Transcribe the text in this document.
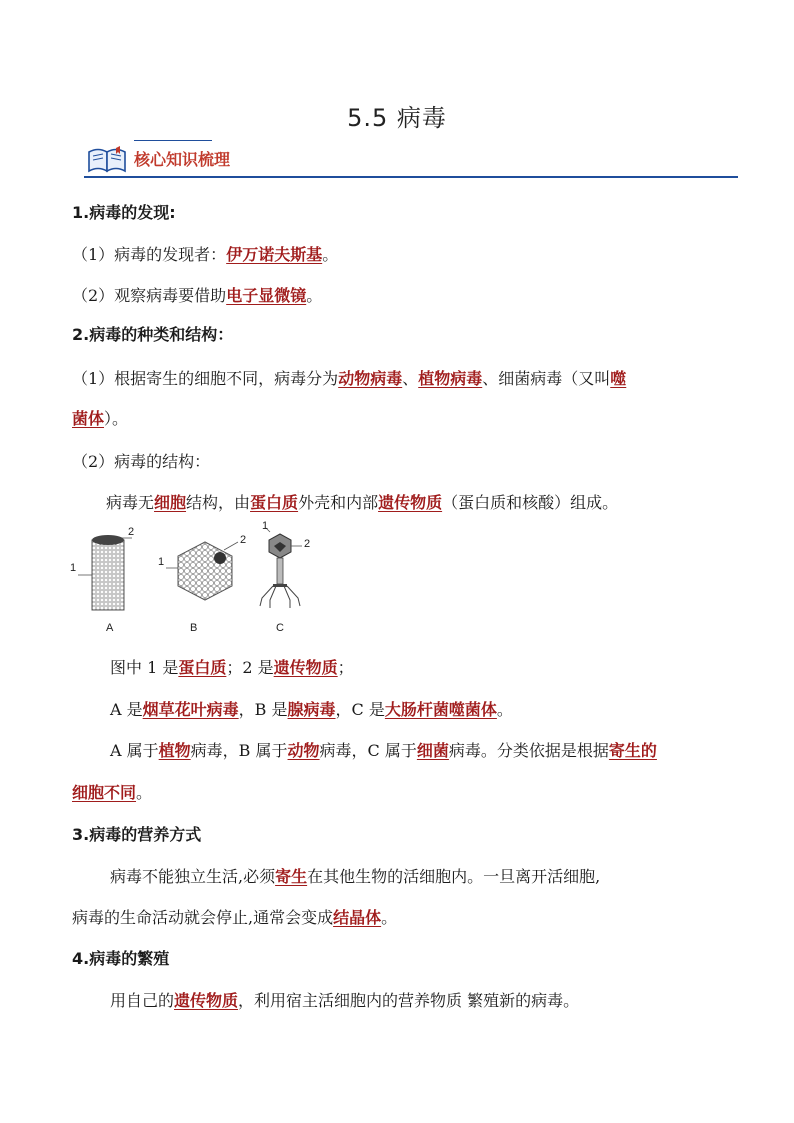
5.5 病毒
核心知识梳理
1.病毒的发现:
（1）病毒的发现者：伊万诺夫斯基。
（2）观察病毒要借助电子显微镜。
2.病毒的种类和结构：
（1）根据寄生的细胞不同，病毒分为动物病毒、植物病毒、细菌病毒（又叫噬
菌体）。
（2）病毒的结构：
病毒无细胞结构，由蛋白质外壳和内部遗传物质（蛋白质和核酸）组成。
1
2
1
2
1
2
A	B	C
图中 1 是蛋白质；2 是遗传物质；
A 是烟草花叶病毒，B 是腺病毒，C 是大肠杆菌噬菌体。
A 属于植物病毒，B 属于动物病毒，C 属于细菌病毒。分类依据是根据寄生的
细胞不同。
3.病毒的营养方式
病毒不能独立生活,必须寄生在其他生物的活细胞内。一旦离开活细胞,
病毒的生命活动就会停止,通常会变成结晶体。
4.病毒的繁殖
用自己的遗传物质，利用宿主活细胞内的营养物质 繁殖新的病毒。
